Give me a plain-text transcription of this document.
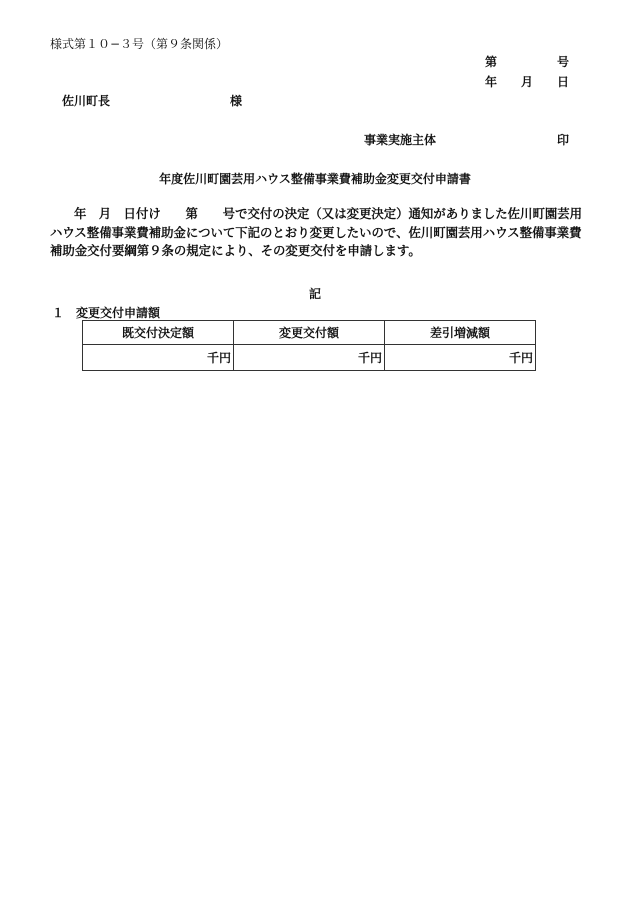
様式第１０−３号（第９条関係）
第	号
年 月 日
佐川町長	様
事業実施主体	印
年度佐川町園芸用ハウス整備事業費補助金変更交付申請書
年　月　日付け　　第　　号で交付の決定（又は変更決定）通知がありました佐川町園芸用ハウス整備事業費補助金について下記のとおり変更したいので、佐川町園芸用ハウス整備事業費補助金交付要綱第９条の規定により、その変更交付を申請します。
記
１　変更交付申請額
既交付決定額	変更交付額	差引増減額
千円	千円	千円
